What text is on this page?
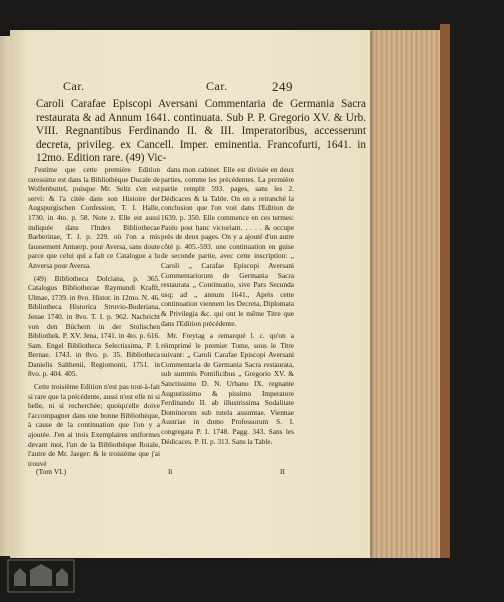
Car.	Car.	249
Caroli Carafae Episcopi Aversani Commentaria de Germania Sacra restaurata & ad Annum 1641. continuata. Sub P. P. Gregorio XV. & Urb. VIII. Regnantibus Ferdinando II. & III. Imperatoribus, accesserunt decreta, privileg. ex Cancell. Imper. eminentia. Francofurti, 1641. in 12mo. Edition rare. (49) Vic-

J'estime que cette première Edition raressime est dans la Bibliothèque Ducale de Wolfenbuttel, puisque Mr. Seltz s'en est servi: & l'a citée dans son Histoire der Augspurgischen Confession, T. I. Halle, 1730. in 4to. p. 58. Note z. Elle est aussi indiquée dans l'Index Bibliothecae Barberinae, T. I. p. 229. où l'on a mis faussement Antuerp. pour Aversa, sans doute parce que celui qui a fait ce Catalogue a lu Anversa pour Aversa.

(49) Bibliotheca Dolciana, p. 365. Catalogus Bibliothecae Raymundi Krafft, Ulmae, 1739. in 8vo. Histor. in 12mo. N. 46. Bibliotheca Historica Struvio-Buderiana, Jenae 1740. in 8vo. T. I. p. 962. Nachricht von den Büchern in der Stolischen Bibliothek. P. XV. Jena, 1741. in 4to. p. 616. Sam. Engel Bibliotheca Selectissima, P. I. Bernae. 1743. in 8vo. p. 35. Bibliotheca Danielis Salthenii, Regiomonti, 1751. in 8vo. p. 404. 405.

Cette troisième Edition n'est pas tout-à-fait si rare que la précédente, aussi n'est elle ni si belle, ni si recherchée; quoiqu'elle doive l'accompagner dans une bonne Bibliothèque, à cause de la continuation que l'on y a ajoutée. J'en ai trois Exemplaires uniformes devant moi, l'un de la Bibliothèque Roiale, l'autre de Mr. Jaeger: & le troisième que j'ai trouvé

dans mon cabinet. Elle est divisée en deux parties, comme les précédentes. La première partie remplit 593. pages, sans les 2. Dédicaces & la Table. On en a retranché la conclusion que l'on voit dans l'Edition de 1639. p. 350. Elle commence en ces termes: Paulo post hanc victoriam. . . . . & occupe près de deux pages. On y a ajouté d'un autre côté p. 405.-593. une continuation en guise de seconde partie, avec cette inscription: „ Caroli „ Carafae Episcopi Aversani Commentariorum de Germania Sacra restaurata „ Continuatio, sive Pars Secunda usq; ad „ annum 1641., Après cette continuation viennent les Decreta, Diplomata & Privilegia &c. qui ont le même Titre que dans l'Edition précédente.

Mr. Freytag a remarqué l. c. qu'on a réimprimé le premier Tome, sous le Titre suivant: „ Caroli Carafae Episcopi Aversani Commentaria de Germania Sacra restaurata, sub summis Pontificibus „ Gregorio XV. & Sanctissimo D. N. Urbano IX. regnante Augustissimo & pissimo Imperatore Ferdinando II. ab illustrissima Sodalitate Dominorum sub tutela assumtae. Viennae Austriae in domo Professorum S. I. congregata P. I. 1748. Pagg. 343. Sans les Dédicaces. P. II. p. 313. Sans la Table.

(Tom VI.)	Ii	II
